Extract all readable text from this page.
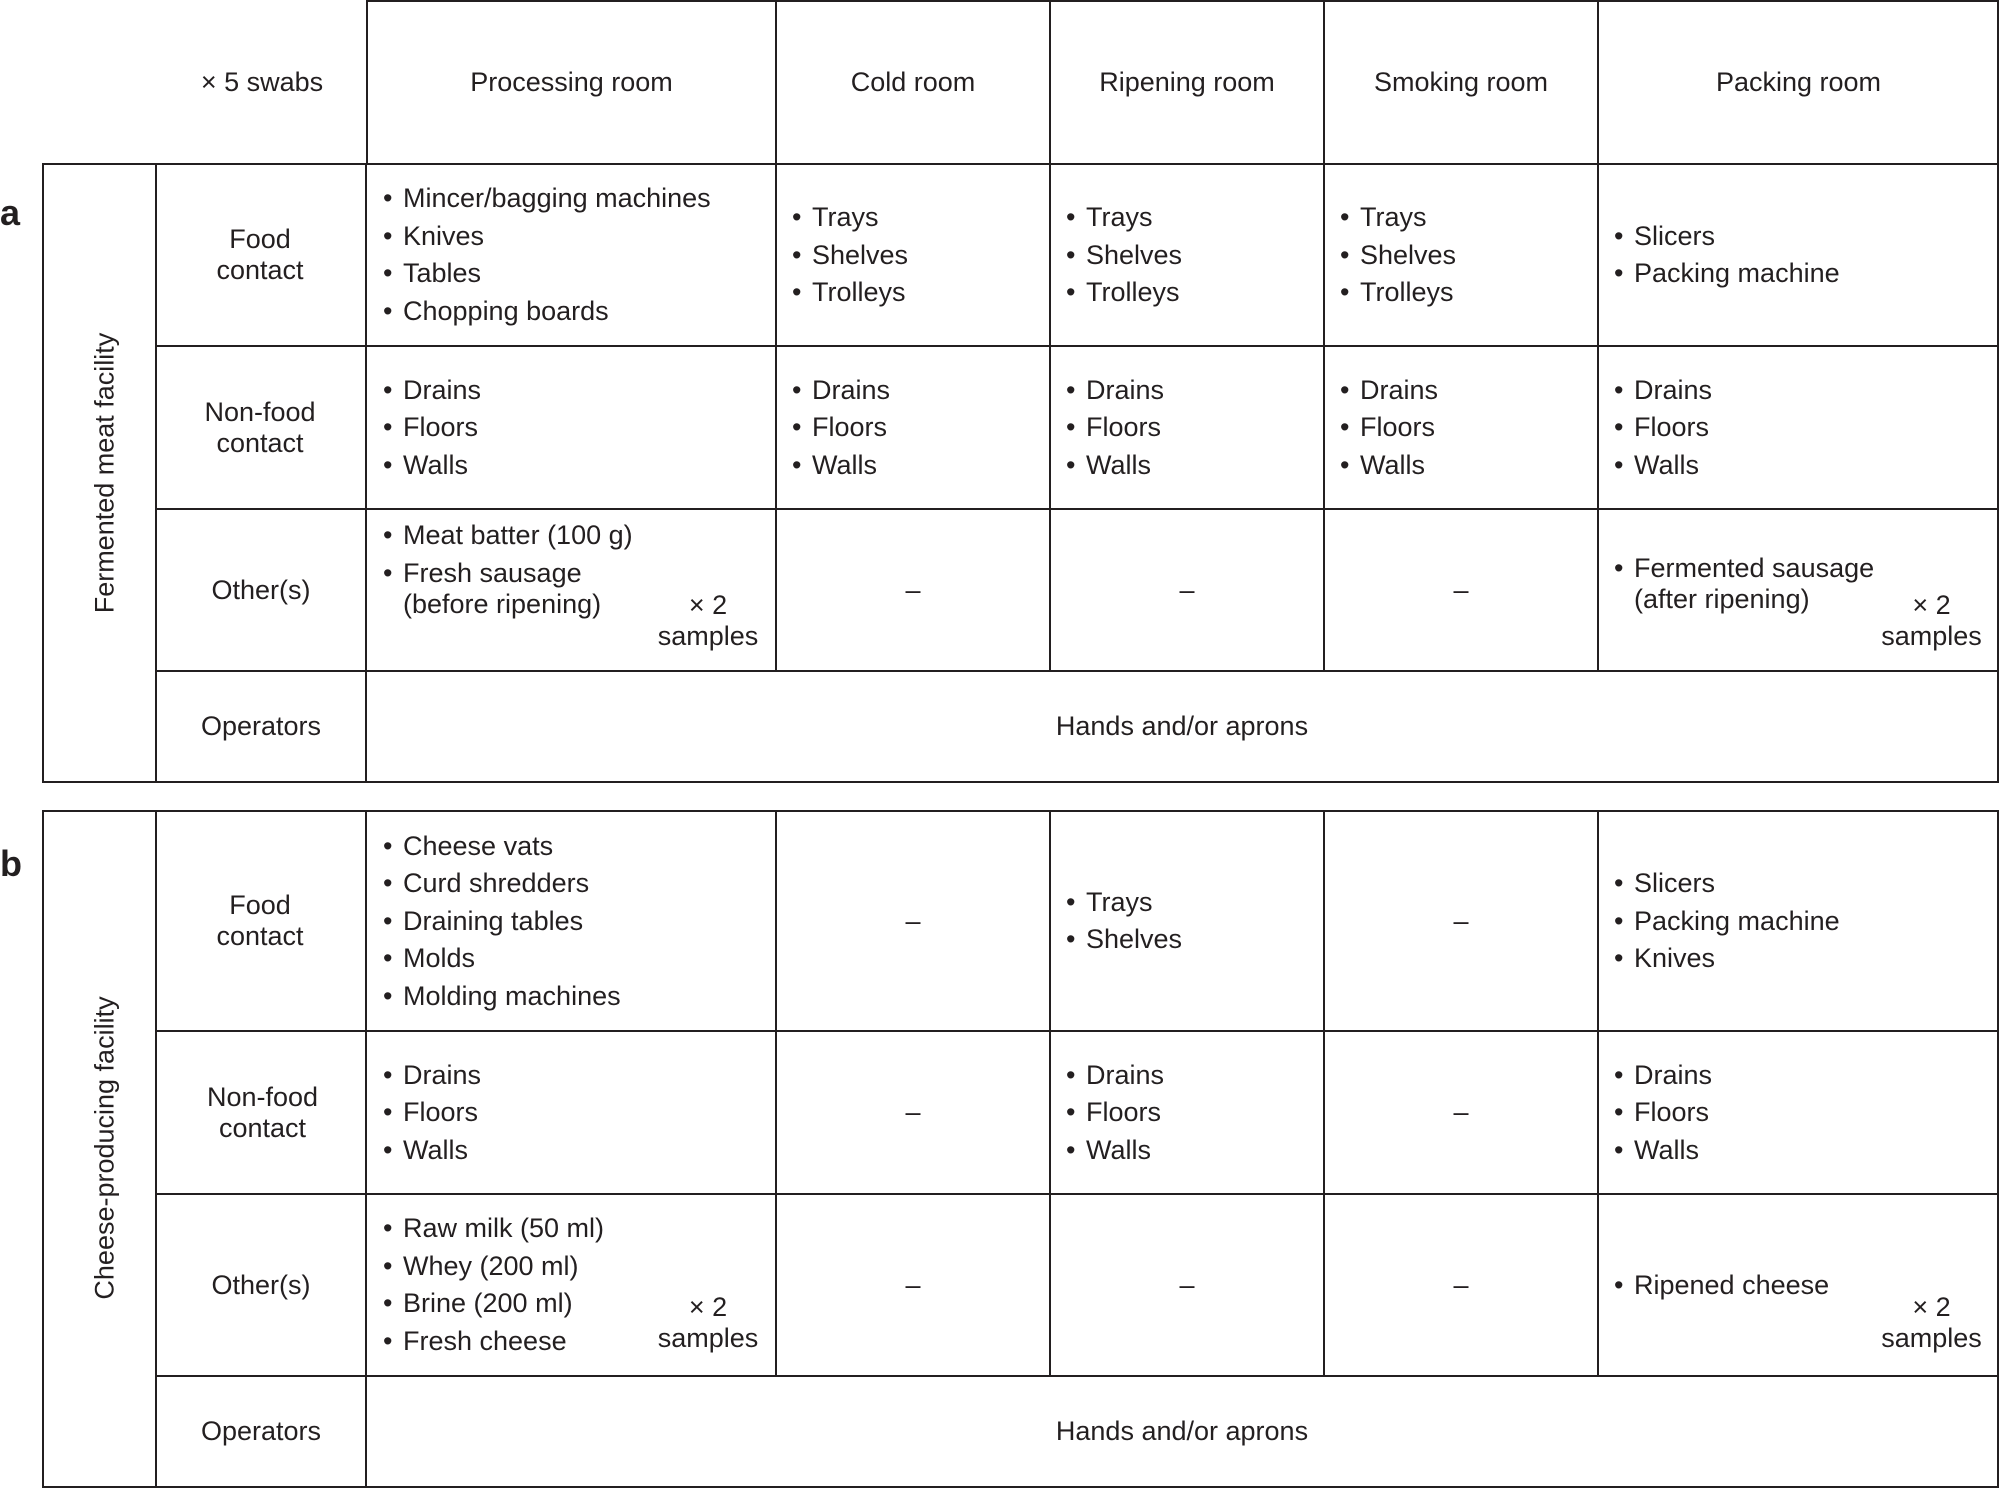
× 5 swabs	Processing room	Cold room	Ripening room	Smoking room	Packing room
a
Fermented meat facility
Food contact
• Mincer/bagging machines
• Knives
• Tables
• Chopping boards
• Trays
• Shelves
• Trolleys
• Trays
• Shelves
• Trolleys
• Trays
• Shelves
• Trolleys
• Slicers
• Packing machine
Non-food contact
• Drains
• Floors
• Walls
• Drains
• Floors
• Walls
• Drains
• Floors
• Walls
• Drains
• Floors
• Walls
• Drains
• Floors
• Walls
Other(s)
• Meat batter (100 g)
• Fresh sausage (before ripening)	× 2
samples
–	–	–
• Fermented sausage (after ripening)	× 2
samples
Operators	Hands and/or aprons
b
Cheese-producing facility
Food contact
• Cheese vats
• Curd shredders
• Draining tables
• Molds
• Molding machines
–
• Trays
• Shelves
–
• Slicers
• Packing machine
• Knives
Non-food contact
• Drains
• Floors
• Walls
–
• Drains
• Floors
• Walls
–
• Drains
• Floors
• Walls
Other(s)
• Raw milk (50 ml)
• Whey (200 ml)
• Brine (200 ml)
• Fresh cheese
× 2
samples
–	–	–
•	Ripened cheese
× 2
samples
Operators	Hands and/or aprons
